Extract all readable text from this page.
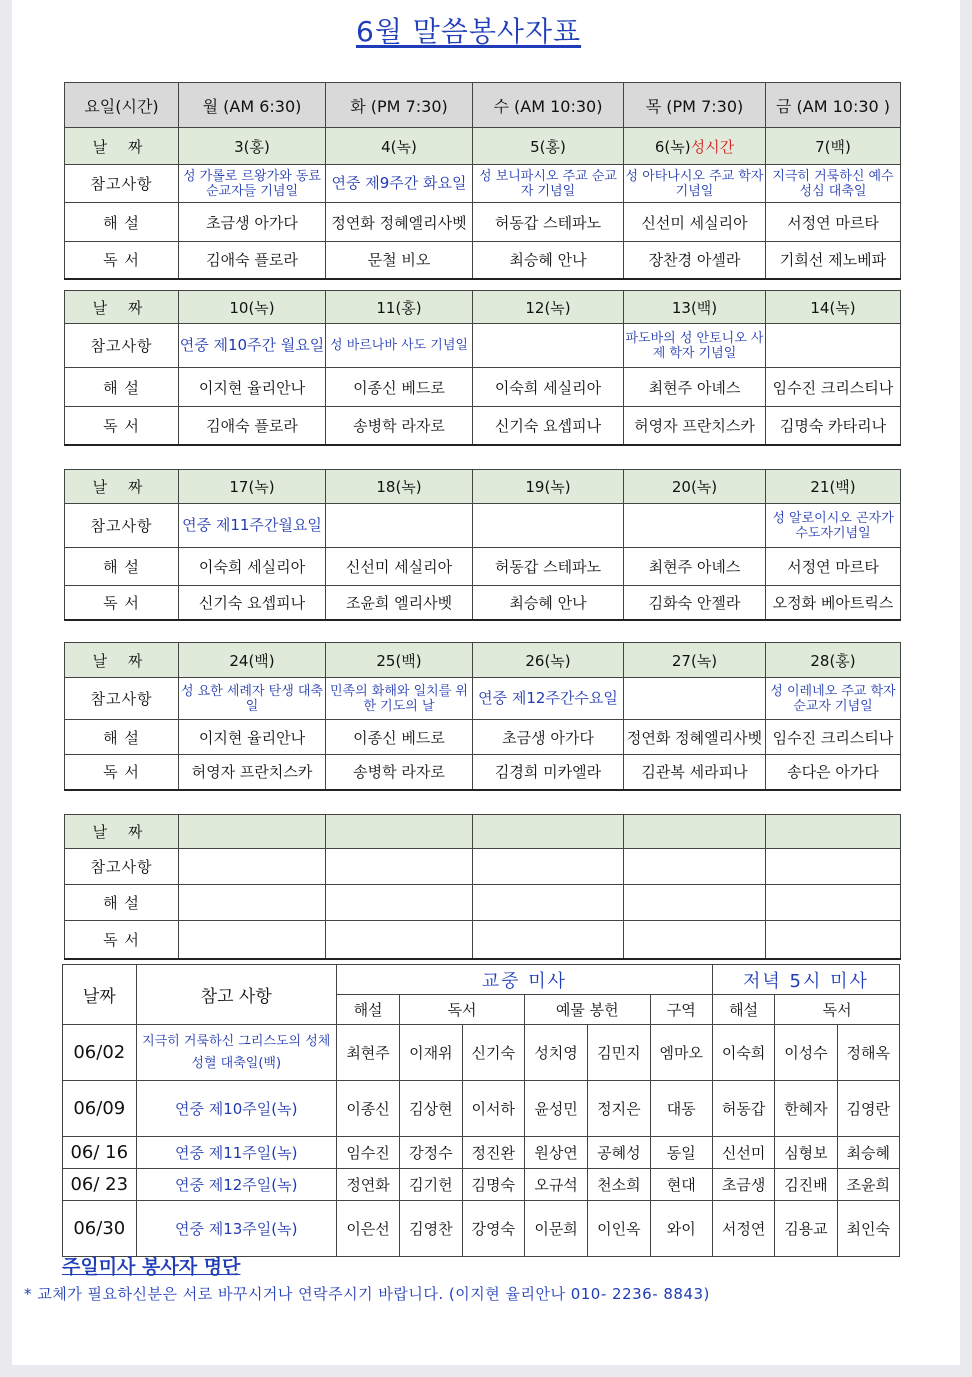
6월 말씀봉사자표
요일(시간)	월 (AM 6:30)	화 (PM 7:30)	수 (AM 10:30)	목 (PM 7:30)	금 (AM 10:30 )
날 짜	3(홍)	4(녹)	5(홍)	6(녹)성시간	7(백)
참고사항	성 가롤로 르왕가와 동료 순교자들 기념일	연중 제9주간 화요일	성 보니파시오 주교 순교자 기념일	성 아타나시오 주교 학자 기념일	지극히 거룩하신 예수 성심 대축일
해 설	초금생 아가다	정연화 정혜엘리사벳	허동갑 스테파노	신선미 세실리아	서정연 마르타
독 서	김애숙 플로라	문철 비오	최승혜 안나	장찬경 아셀라	기희선 제노베파
날 짜	10(녹)	11(홍)	12(녹)	13(백)	14(녹)
참고사항	연중 제10주간 월요일	성 바르나바 사도 기념일		파도바의 성 안토니오 사제 학자 기념일	
해 설	이지현 율리안나	이종신 베드로	이숙희 세실리아	최현주 아녜스	임수진 크리스티나
독 서	김애숙 플로라	송병학 라자로	신기숙 요셉피나	허영자 프란치스카	김명숙 카타리나
날 짜	17(녹)	18(녹)	19(녹)	20(녹)	21(백)
참고사항	연중 제11주간월요일				성 알로이시오 곤자가 수도자기념일
해 설	이숙희 세실리아	신선미 세실리아	허동갑 스테파노	최현주 아녜스	서정연 마르타
독 서	신기숙 요셉피나	조윤희 엘리사벳	최승혜 안나	김화숙 안젤라	오정화 베아트릭스
날 짜	24(백)	25(백)	26(녹)	27(녹)	28(홍)
참고사항	성 요한 세례자 탄생 대축일	민족의 화해와 일치를 위한 기도의 날	연중 제12주간수요일		성 이레네오 주교 학자 순교자 기념일
해 설	이지현 율리안나	이종신 베드로	초금생 아가다	정연화 정혜엘리사벳	임수진 크리스티나
독 서	허영자 프란치스카	송병학 라자로	김경희 미카엘라	김관복 세라피나	송다은 아가다
날 짜					
참고사항					
해 설					
독 서					
날짜	참고 사항	교중 미사						저녁 5시 미사		
		해설	독서		예물 봉헌		구역	해설	독서	
06/02	지극히 거룩하신 그리스도의 성체 성혈 대축일(백)	최현주	이재위	신기숙	성치영	김민지	엠마오	이숙희	이성수	정해옥
06/09	연중 제10주일(녹)	이종신	김상현	이서하	윤성민	정지은	대동	허동갑	한혜자	김영란
06/ 16	연중 제11주일(녹)	임수진	강정수	정진완	원상연	공혜성	동일	신선미	심형보	최승혜
06/ 23	연중 제12주일(녹)	정연화	김기헌	김명숙	오규석	천소희	현대	초금생	김진배	조윤희
06/30	연중 제13주일(녹)	이은선	김영찬	강영숙	이문희	이인옥	와이	서정연	김용교	최인숙
주일미사 봉사자 명단
* 교체가 필요하신분은 서로 바꾸시거나 연락주시기 바랍니다. (이지현 율리안나 010- 2236- 8843)
